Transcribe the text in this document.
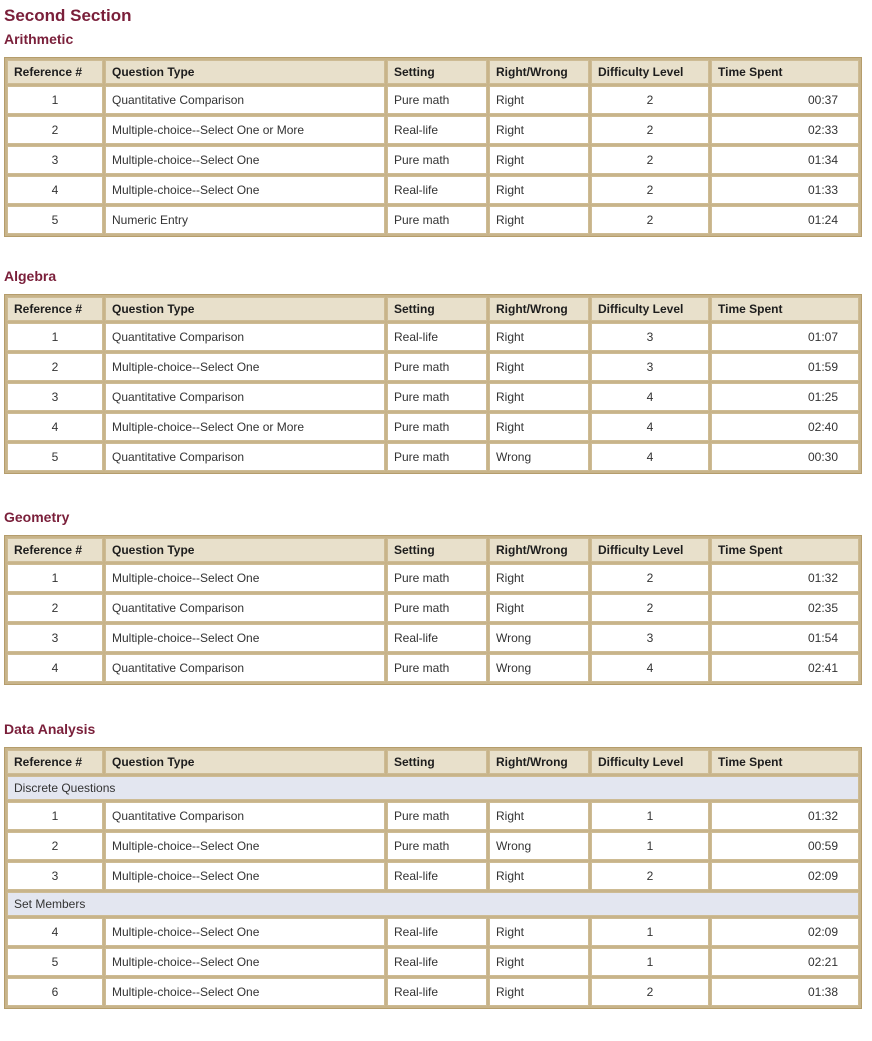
Second Section
Arithmetic
Reference #	Question Type	Setting	Right/Wrong	Difficulty Level	Time Spent
1	Quantitative Comparison	Pure math	Right	2	00:37
2	Multiple-choice--Select One or More	Real-life	Right	2	02:33
3	Multiple-choice--Select One	Pure math	Right	2	01:34
4	Multiple-choice--Select One	Real-life	Right	2	01:33
5	Numeric Entry	Pure math	Right	2	01:24
Algebra
Reference #	Question Type	Setting	Right/Wrong	Difficulty Level	Time Spent
1	Quantitative Comparison	Real-life	Right	3	01:07
2	Multiple-choice--Select One	Pure math	Right	3	01:59
3	Quantitative Comparison	Pure math	Right	4	01:25
4	Multiple-choice--Select One or More	Pure math	Right	4	02:40
5	Quantitative Comparison	Pure math	Wrong	4	00:30
Geometry
Reference #	Question Type	Setting	Right/Wrong	Difficulty Level	Time Spent
1	Multiple-choice--Select One	Pure math	Right	2	01:32
2	Quantitative Comparison	Pure math	Right	2	02:35
3	Multiple-choice--Select One	Real-life	Wrong	3	01:54
4	Quantitative Comparison	Pure math	Wrong	4	02:41
Data Analysis
Reference #	Question Type	Setting	Right/Wrong	Difficulty Level	Time Spent
Discrete Questions					
1	Quantitative Comparison	Pure math	Right	1	01:32
2	Multiple-choice--Select One	Pure math	Wrong	1	00:59
3	Multiple-choice--Select One	Real-life	Right	2	02:09
Set Members					
4	Multiple-choice--Select One	Real-life	Right	1	02:09
5	Multiple-choice--Select One	Real-life	Right	1	02:21
6	Multiple-choice--Select One	Real-life	Right	2	01:38
